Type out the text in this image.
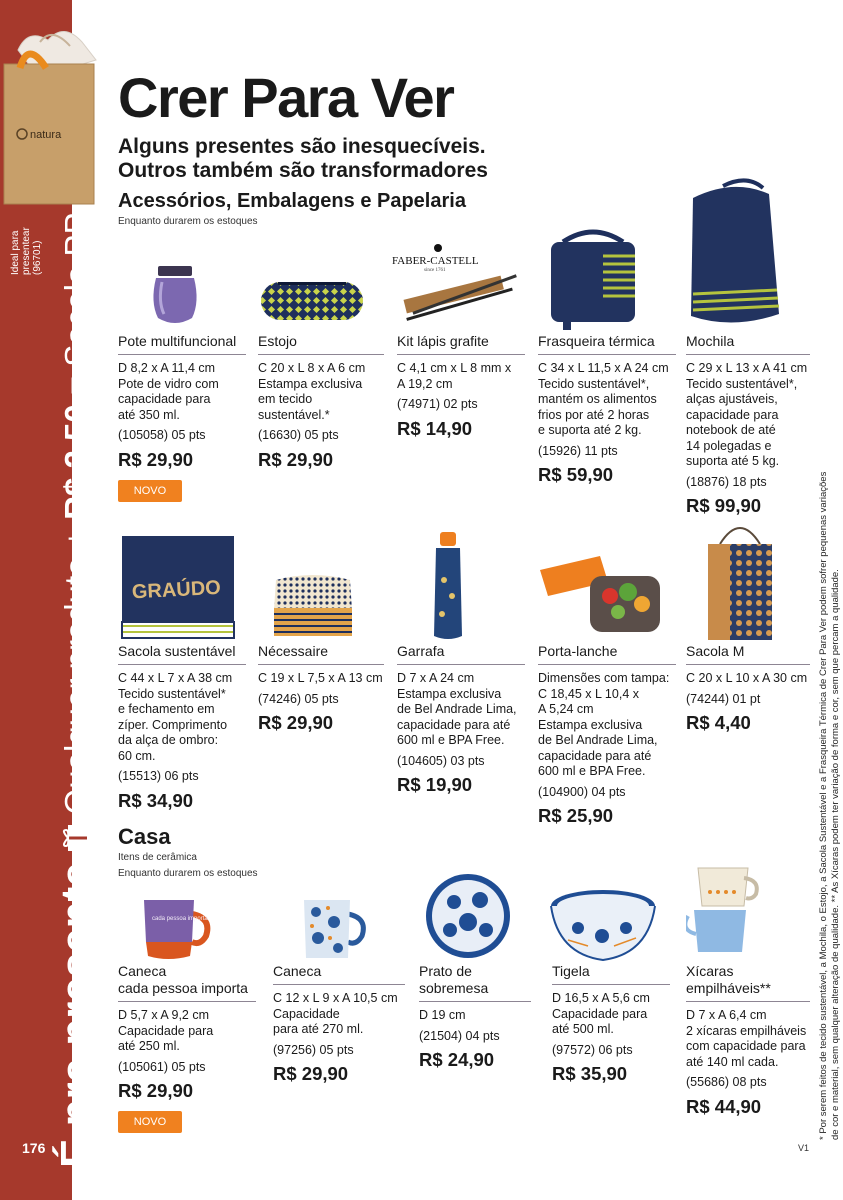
natura
Ideal para presentear (96701)
É pra presenteQualquer produto + R$ 2,50 = Sacola PP
176
Crer Para Ver
Alguns presentes são inesquecíveis.
Outros também são transformadores
Acessórios, Embalagens e Papelaria
Enquanto durarem os estoques
FABER-CASTELL
since 1761
Pote multifuncional
D 8,2 x A 11,4 cm
Pote de vidro com
capacidade para
até 350 ml.
(105058) 05 pts
R$ 29,90
NOVO
Estojo
C 20 x L 8 x A 6 cm
Estampa exclusiva
em tecido
sustentável.*
(16630) 05 pts
R$ 29,90
Kit lápis grafite
C 4,1 cm x L 8 mm x
A 19,2 cm
(74971) 02 pts
R$ 14,90
Frasqueira térmica
C 34 x L 11,5 x A 24 cm
Tecido sustentável*,
mantém os alimentos
frios por até 2 horas
e suporta até 2 kg.
(15926) 11 pts
R$ 59,90
Mochila
C 29 x L 13 x A 41 cm
Tecido sustentável*,
alças ajustáveis,
capacidade para
notebook de até
14 polegadas e
suporta até 5 kg.
(18876) 18 pts
R$ 99,90
GRAÚDO
Sacola sustentável
C 44 x L 7 x A 38 cm
Tecido sustentável*
e fechamento em
zíper. Comprimento
da alça de ombro:
60 cm.
(15513) 06 pts
R$ 34,90
Nécessaire
C 19 x L 7,5 x A 13 cm
(74246) 05 pts
R$ 29,90
Garrafa
D 7 x A 24 cm
Estampa exclusiva
de Bel Andrade Lima,
capacidade para até
600 ml e BPA Free.
(104605) 03 pts
R$ 19,90
Porta-lanche
Dimensões com tampa:
C 18,45 x L 10,4 x
A 5,24 cm
Estampa exclusiva
de Bel Andrade Lima,
capacidade para até
600 ml e BPA Free.
(104900) 04 pts
R$ 25,90
Sacola M
C 20 x L 10 x A 30 cm
(74244) 01 pt
R$ 4,40
Casa
Itens de cerâmica
Enquanto durarem os estoques
cada pessoa importa
Caneca
cada pessoa importa
D 5,7 x A 9,2 cm
Capacidade para
até 250 ml.
(105061) 05 pts
R$ 29,90
NOVO
Caneca
C 12 x L 9 x A 10,5 cm
Capacidade
para até 270 ml.
(97256) 05 pts
R$ 29,90
Prato de
sobremesa
D 19 cm
(21504) 04 pts
R$ 24,90
Tigela
D 16,5 x A 5,6 cm
Capacidade para
até 500 ml.
(97572) 06 pts
R$ 35,90
Xícaras
empilháveis**
D 7 x A 6,4 cm
2 xícaras empilháveis
com capacidade para
até 140 ml cada.
(55686) 08 pts
R$ 44,90	* Por serem feitos de tecido sustentável, a Mochila, o Estojo, a Sacola Sustentável e a Frasqueira Térmica de Crer Para Ver podem sofrer pequenas variações de cor e material, sem qualquer alteração de qualidade. ** As Xícaras podem ter variação de forma e cor, sem que percam a qualidade.
V1
